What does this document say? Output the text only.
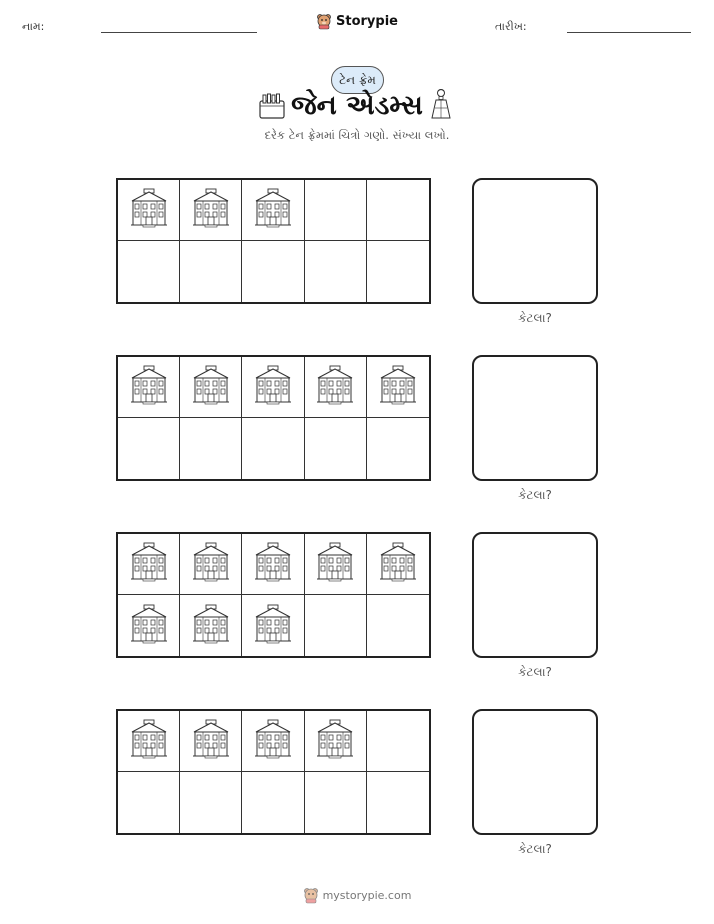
નામ:	Storypie	તારીખ:
ટેન ફ્રેમ
જેન એડમ્સ
દરેક ટેન ફ્રેમમાં ચિત્રો ગણો. સંખ્યા લખો.
કેટલા?
કેટલા?
કેટલા?
કેટલા?
mystorypie.com
